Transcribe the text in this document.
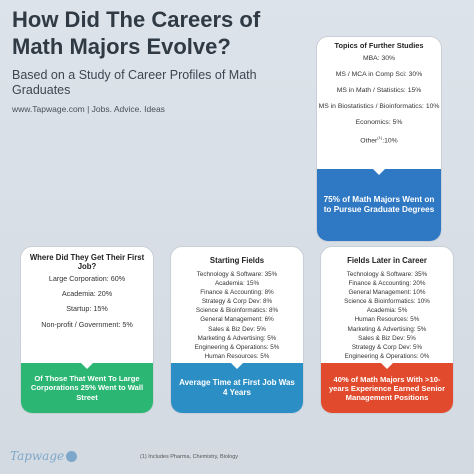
How Did The Careers of Math Majors Evolve?
Based on a Study of Career Profiles of Math Graduates
www.Tapwage.com | Jobs. Advice. Ideas
Topics of Further Studies
MBA: 30%
MS / MCA in Comp Sci: 30%
MS in Math / Statistics: 15%
MS in Biostatistics / Bioinformatics: 10%
Economics: 5%
Other$^{(1)}$:10%
75% of Math Majors Went on to Pursue Graduate Degrees
Where Did They Get Their First Job?
Large Corporation: 60%
Academia: 20%
Startup: 15%
Non-profit / Government: 5%
Of Those That Went To Large Corporations 25% Went to Wall Street
Starting Fields
Technology & Software: 35%
Academia: 15%
Finance & Accounting: 8%
Strategy & Corp Dev: 8%
Science & Bioinformatics: 8%
General Management: 6%
Sales & Biz Dev: 5%
Marketing & Advertising: 5%
Engineering & Operations: 5%
Human Resources: 5%
Average Time at First Job Was 4 Years
Fields Later in Career
Technology & Software: 35%
Finance & Accounting: 20%
General Management: 10%
Science & Bioinformatics: 10%
Academia: 5%
Human Resources: 5%
Marketing & Advertising: 5%
Sales & Biz Dev: 5%
Strategy & Corp Dev: 5%
Engineering & Operations: 0%
40% of Math Majors With >10-years Experience Earned Senior Management Positions
Tapwage	(1) Includes Pharma, Chemistry, Biology
